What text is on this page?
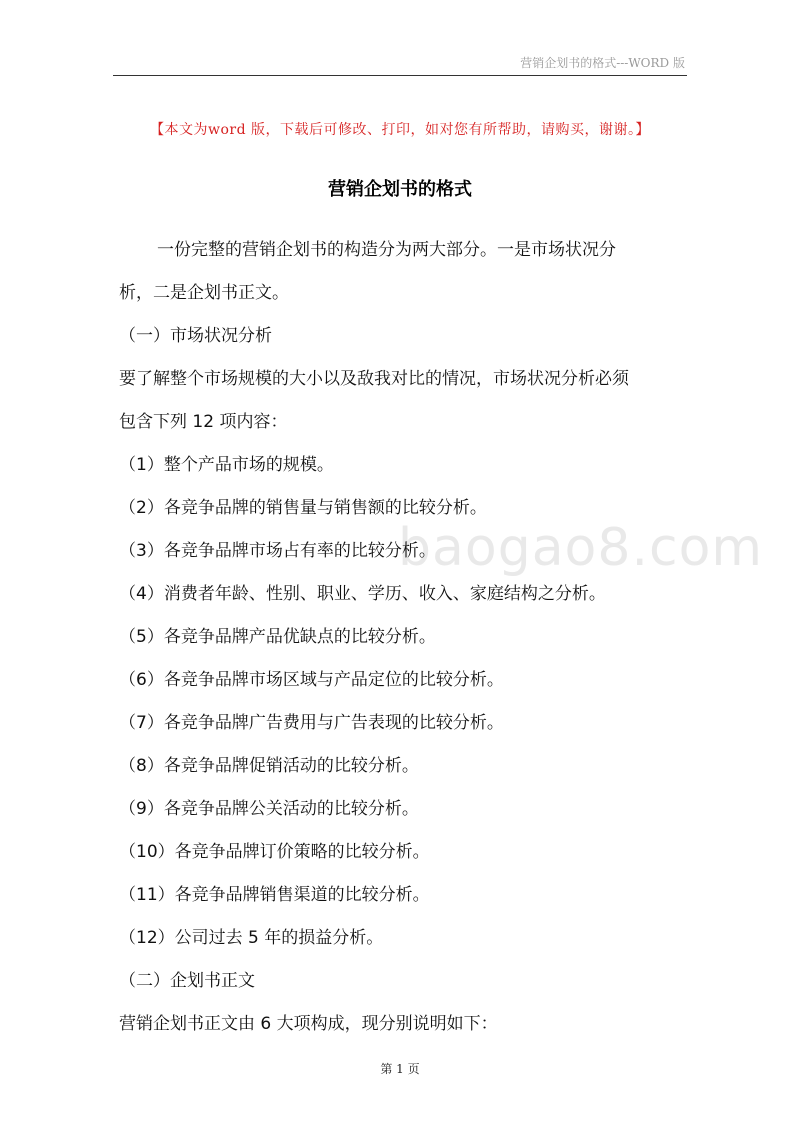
营销企划书的格式---WORD 版
baogao8.com
【本文为word 版，下载后可修改、打印，如对您有所帮助，请购买，谢谢。】
营销企划书的格式
一份完整的营销企划书的构造分为两大部分。一是市场状况分
析，二是企划书正文。
（一）市场状况分析
要了解整个市场规模的大小以及敌我对比的情况，市场状况分析必须
包含下列 12 项内容：
（1）整个产品市场的规模。
（2）各竞争品牌的销售量与销售额的比较分析。
（3）各竞争品牌市场占有率的比较分析。
（4）消费者年龄、性别、职业、学历、收入、家庭结构之分析。
（5）各竞争品牌产品优缺点的比较分析。
（6）各竞争品牌市场区域与产品定位的比较分析。
（7）各竞争品牌广告费用与广告表现的比较分析。
（8）各竞争品牌促销活动的比较分析。
（9）各竞争品牌公关活动的比较分析。
（10）各竞争品牌订价策略的比较分析。
（11）各竞争品牌销售渠道的比较分析。
（12）公司过去 5 年的损益分析。
（二）企划书正文
营销企划书正文由 6 大项构成，现分别说明如下：
第 1 页
